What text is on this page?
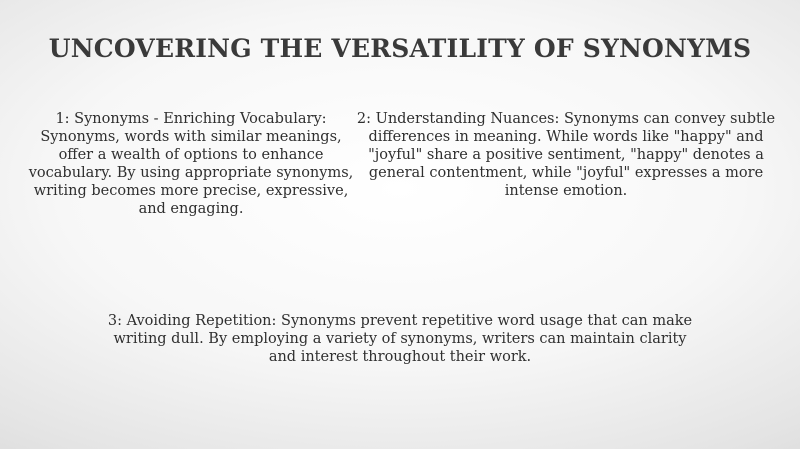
UNCOVERING THE VERSATILITY OF SYNONYMS

1: Synonyms - Enriching Vocabulary: Synonyms, words with similar meanings, offer a wealth of options to enhance vocabulary. By using appropriate synonyms, writing becomes more precise, expressive, and engaging.

2: Understanding Nuances: Synonyms can convey subtle differences in meaning. While words like "happy" and "joyful" share a positive sentiment, "happy" denotes a general contentment, while "joyful" expresses a more intense emotion.

3: Avoiding Repetition: Synonyms prevent repetitive word usage that can make writing dull. By employing a variety of synonyms, writers can maintain clarity and interest throughout their work.
